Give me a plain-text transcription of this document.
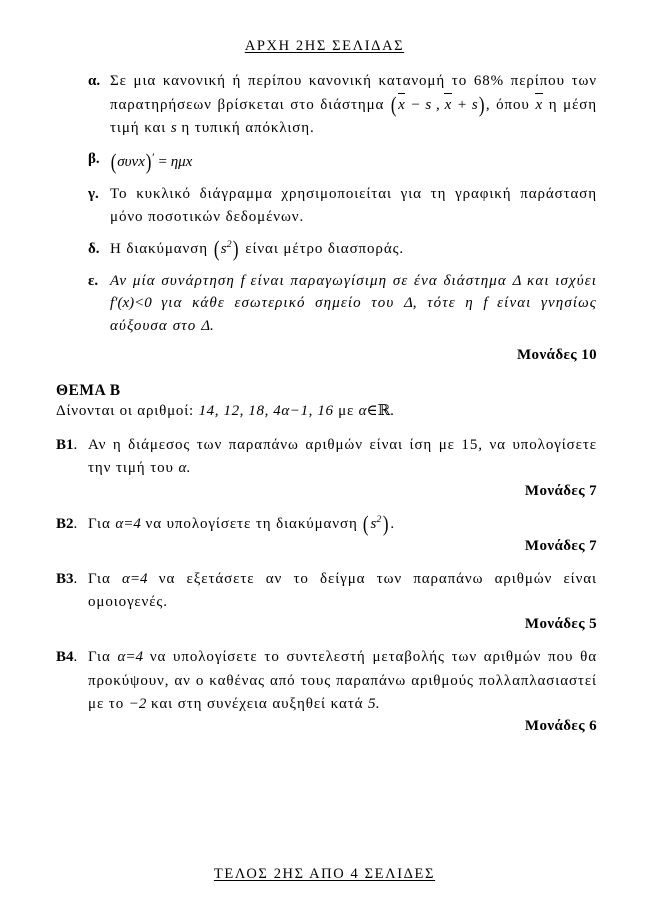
ΑΡΧΗ 2ΗΣ ΣΕΛΙΔΑΣ
α. Σε μια κανονική ή περίπου κανονική κατανομή το 68% περίπου των παρατηρήσεων βρίσκεται στο διάστημα (x − s , x + s), όπου x η μέση τιμή και s η τυπική απόκλιση.
β. (συνx)′ = ημx
γ. Το κυκλικό διάγραμμα χρησιμοποιείται για τη γραφική παράσταση μόνο ποσοτικών δεδομένων.
δ. Η διακύμανση $(s^2)$ είναι μέτρο διασποράς.
ε. Αν μία συνάρτηση f είναι παραγωγίσιμη σε ένα διάστημα Δ και ισχύει f′(x)<0 για κάθε εσωτερικό σημείο του Δ, τότε η f είναι γνησίως αύξουσα στο Δ.
Μονάδες 10
ΘΕΜΑ Β
Δίνονται οι αριθμοί: 14, 12, 18, 4α−1, 16 με α∈ℝ.
B1. Αν η διάμεσος των παραπάνω αριθμών είναι ίση με 15, να υπολογίσετε την τιμή του α.
Μονάδες 7
B2. Για α=4 να υπολογίσετε τη διακύμανση $(s^2)$.
Μονάδες 7
B3. Για α=4 να εξετάσετε αν το δείγμα των παραπάνω αριθμών είναι ομοιογενές.
Μονάδες 5
B4. Για α=4 να υπολογίσετε το συντελεστή μεταβολής των αριθμών που θα προκύψουν, αν ο καθένας από τους παραπάνω αριθμούς πολλαπλασιαστεί με το −2 και στη συνέχεια αυξηθεί κατά 5.
Μονάδες 6
ΤΕΛΟΣ 2ΗΣ ΑΠΟ 4 ΣΕΛΙΔΕΣ
